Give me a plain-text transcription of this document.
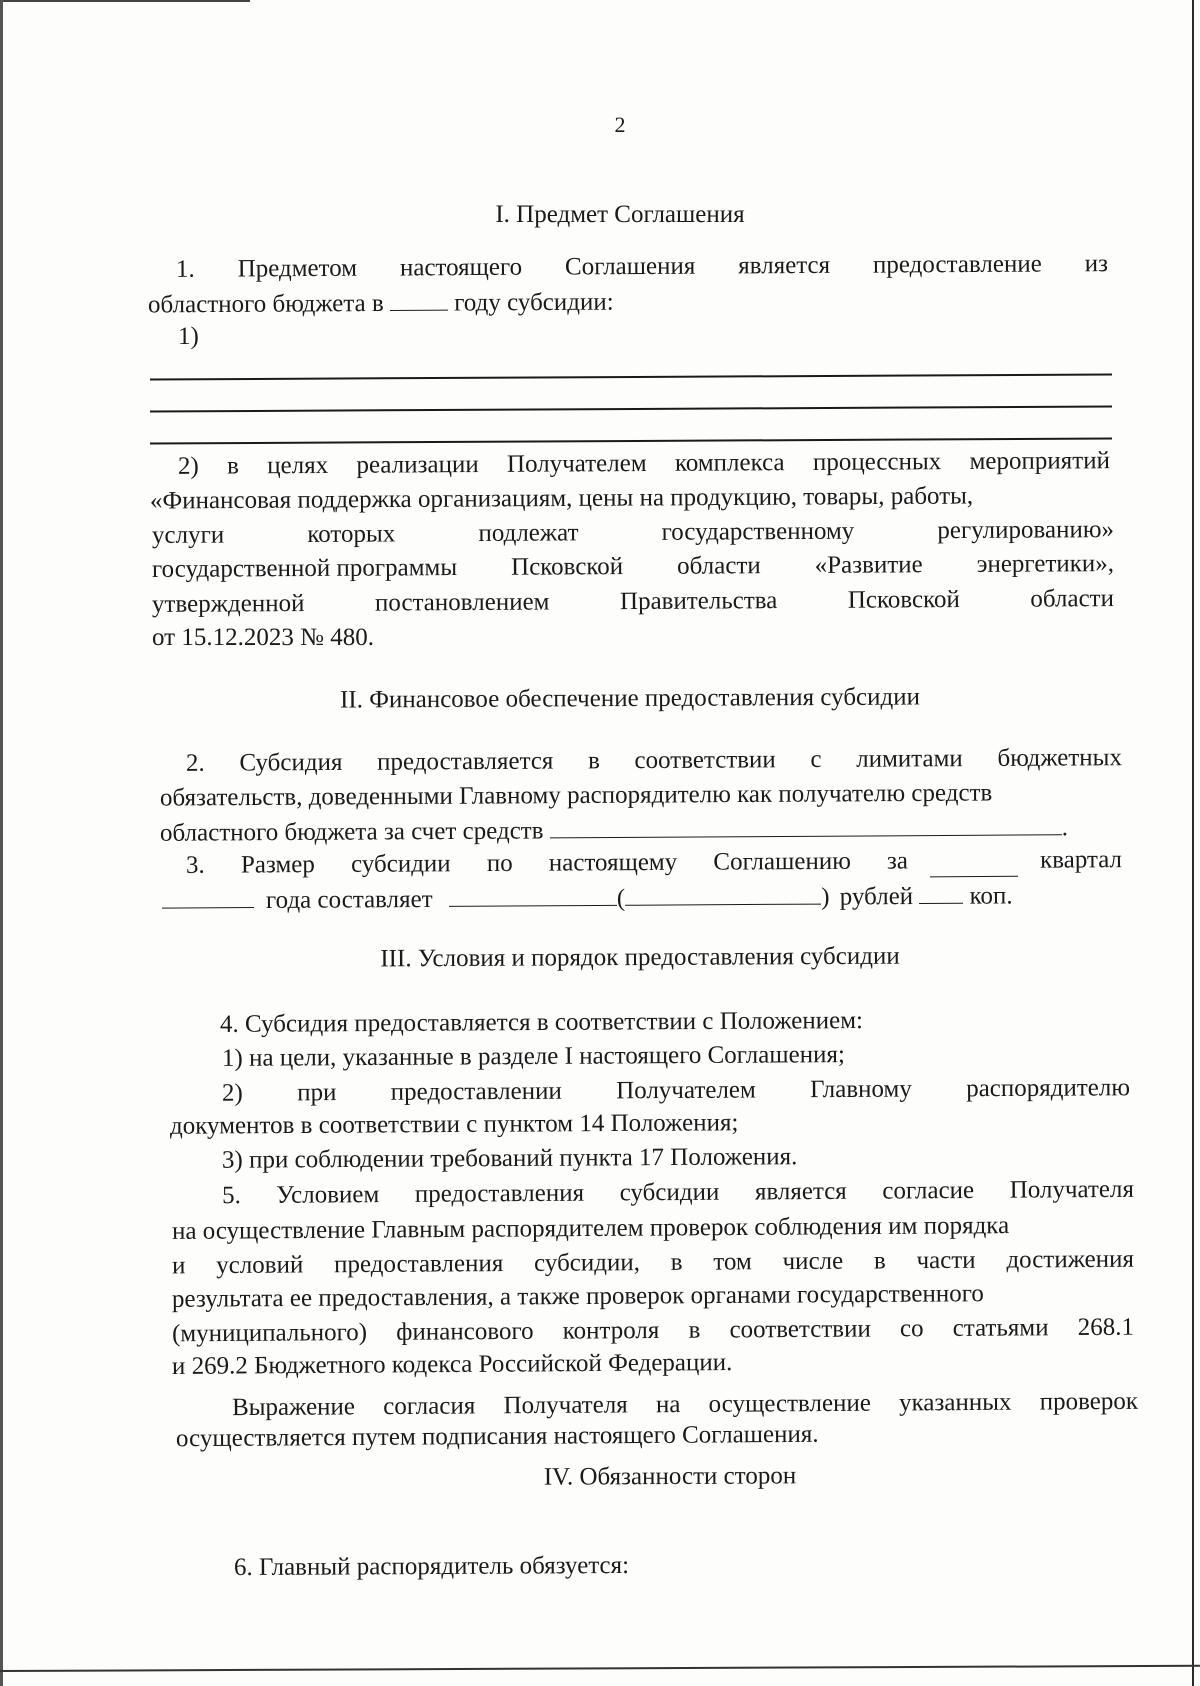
2
I. Предмет Соглашения
1. Предметом настоящего Соглашения является предоставление из
областного бюджета в	году субсидии:
1)
2) в целях реализации Получателем комплекса процессных мероприятий
«Финансовая поддержка организациям, цены на продукцию, товары, работы,
услуги	которых	подлежат	государственному	регулированию»
государственной программы Псковской области «Развитие энергетики»,
утвержденной	постановлением	Правительства	Псковской	области
от 15.12.2023 № 480.
II. Финансовое обеспечение предоставления субсидии
2. Субсидия предоставляется в соответствии с лимитами бюджетных
обязательств, доведенными Главному распорядителю как получателю средств
областного бюджета за счет средств	.
3. Размер субсидии по настоящему Соглашению за	квартал
года составляет	(	) рублей коп.
III. Условия и порядок предоставления субсидии
4. Субсидия предоставляется в соответствии с Положением:
1) на цели, указанные в разделе I настоящего Соглашения;
2) при предоставлении Получателем Главному распорядителю
документов в соответствии с пунктом 14 Положения;
3) при соблюдении требований пункта 17 Положения.
5. Условием предоставления субсидии является согласие Получателя
на осуществление Главным распорядителем проверок соблюдения им порядка
и условий предоставления субсидии, в том числе в части достижения
результата ее предоставления, а также проверок органами государственного
(муниципального) финансового контроля в соответствии со статьями 268.1
и 269.2 Бюджетного кодекса Российской Федерации.
Выражение согласия Получателя на осуществление указанных проверок
осуществляется путем подписания настоящего Соглашения.
IV. Обязанности сторон
6. Главный распорядитель обязуется:
